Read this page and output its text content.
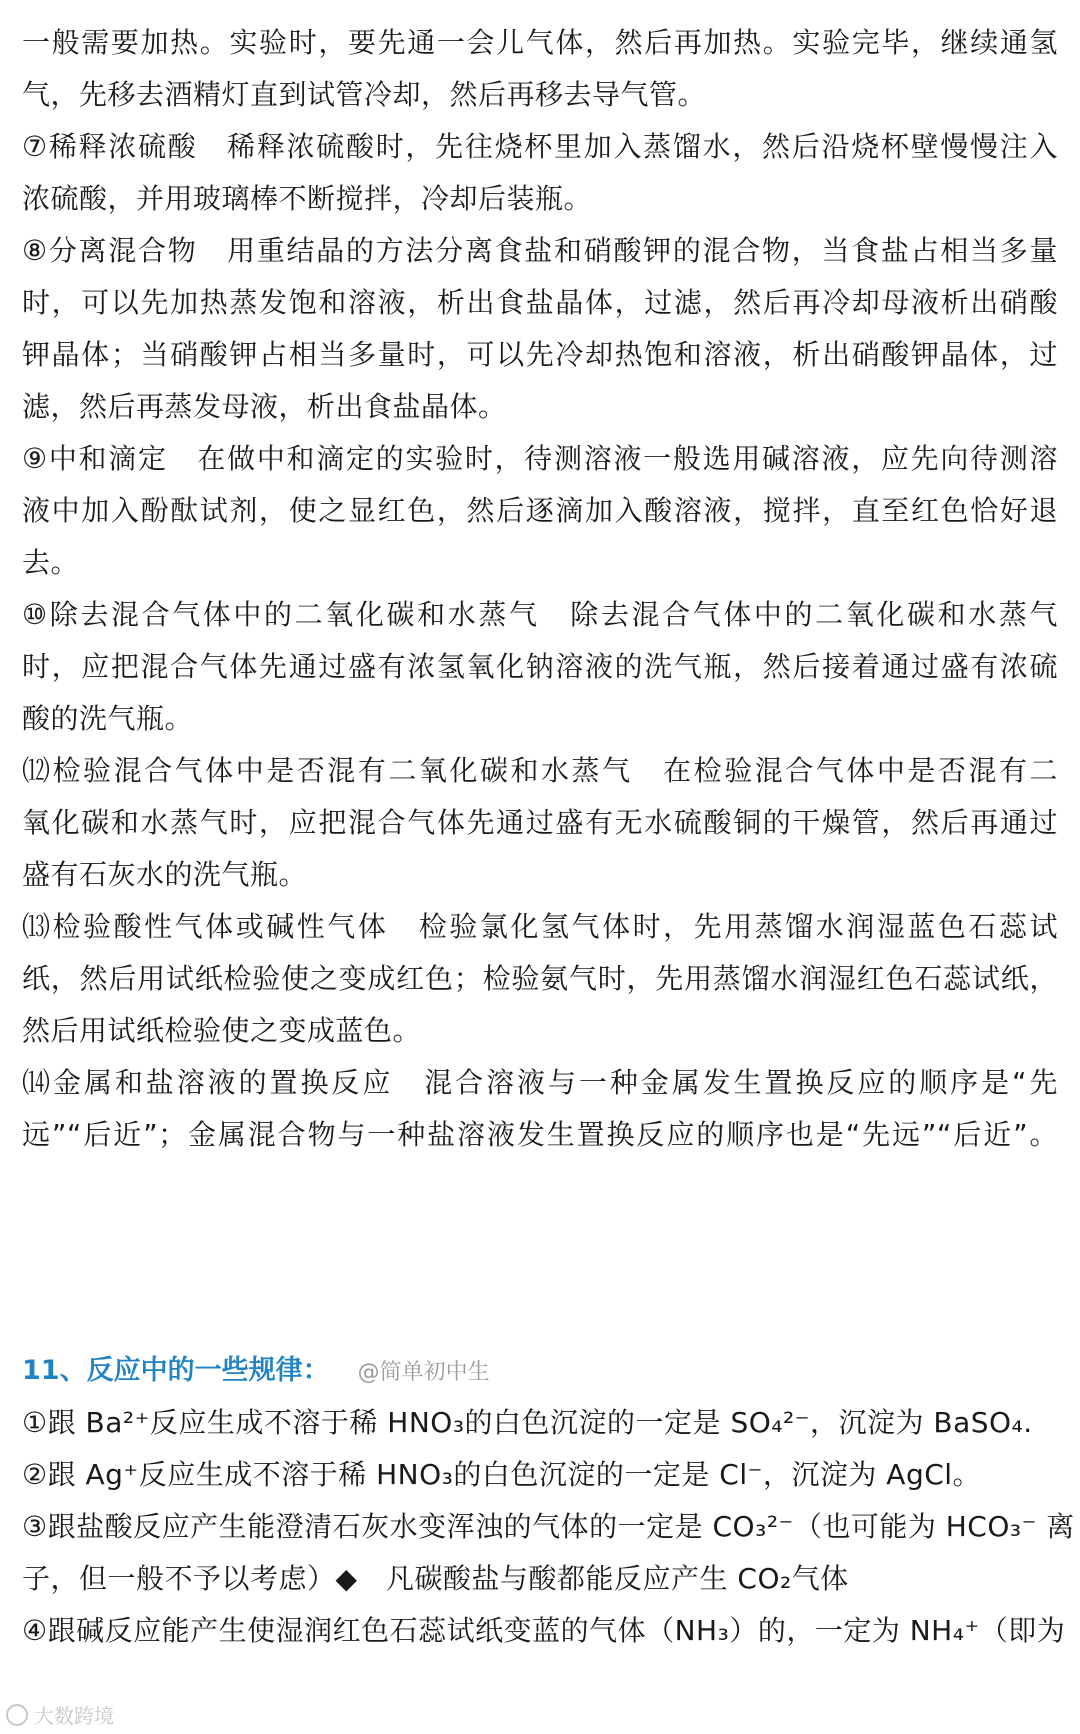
一般需要加热。实验时，要先通一会儿气体，然后再加热。实验完毕，继续通氢
气，先移去酒精灯直到试管冷却，然后再移去导气管。
⑦稀释浓硫酸　稀释浓硫酸时，先往烧杯里加入蒸馏水，然后沿烧杯壁慢慢注入
浓硫酸，并用玻璃棒不断搅拌，冷却后装瓶。
⑧分离混合物　用重结晶的方法分离食盐和硝酸钾的混合物，当食盐占相当多量
时，可以先加热蒸发饱和溶液，析出食盐晶体，过滤，然后再冷却母液析出硝酸
钾晶体；当硝酸钾占相当多量时，可以先冷却热饱和溶液，析出硝酸钾晶体，过
滤，然后再蒸发母液，析出食盐晶体。
⑨中和滴定　在做中和滴定的实验时，待测溶液一般选用碱溶液，应先向待测溶
液中加入酚酞试剂，使之显红色，然后逐滴加入酸溶液，搅拌，直至红色恰好退
去。
⑩除去混合气体中的二氧化碳和水蒸气　除去混合气体中的二氧化碳和水蒸气
时，应把混合气体先通过盛有浓氢氧化钠溶液的洗气瓶，然后接着通过盛有浓硫
酸的洗气瓶。
⑿检验混合气体中是否混有二氧化碳和水蒸气　在检验混合气体中是否混有二
氧化碳和水蒸气时，应把混合气体先通过盛有无水硫酸铜的干燥管，然后再通过
盛有石灰水的洗气瓶。
⒀检验酸性气体或碱性气体　检验氯化氢气体时，先用蒸馏水润湿蓝色石蕊试
纸，然后用试纸检验使之变成红色；检验氨气时，先用蒸馏水润湿红色石蕊试纸，
然后用试纸检验使之变成蓝色。
⒁金属和盐溶液的置换反应　混合溶液与一种金属发生置换反应的顺序是“先
远”“后近”；金属混合物与一种盐溶液发生置换反应的顺序也是“先远”“后近”。
11、反应中的一些规律： @简单初中生
①跟 Ba²⁺反应生成不溶于稀 HNO₃的白色沉淀的一定是 SO₄²⁻，沉淀为 BaSO₄.
②跟 Ag⁺反应生成不溶于稀 HNO₃的白色沉淀的一定是 Cl⁻，沉淀为 AgCl。
③跟盐酸反应产生能澄清石灰水变浑浊的气体的一定是 CO₃²⁻（也可能为 HCO₃⁻ 离
子，但一般不予以考虑）◆　凡碳酸盐与酸都能反应产生 CO₂气体
④跟碱反应能产生使湿润红色石蕊试纸变蓝的气体（NH₃）的，一定为 NH₄⁺（即为
大数跨境
